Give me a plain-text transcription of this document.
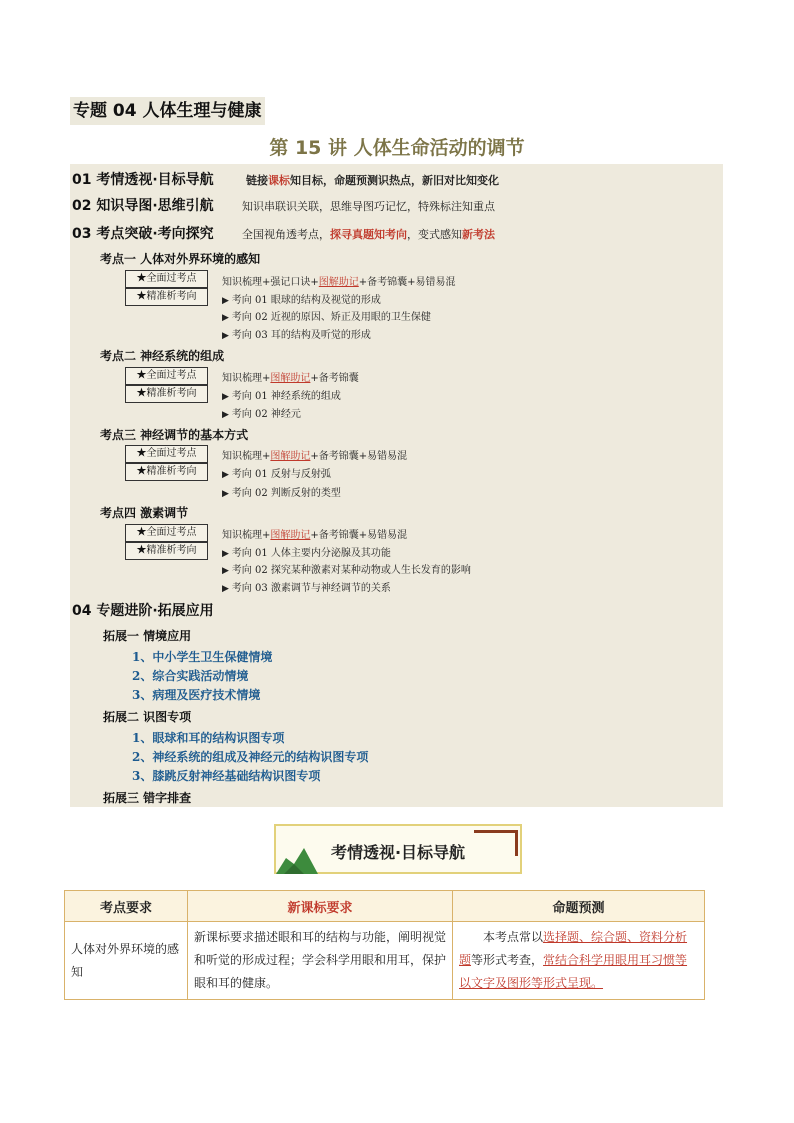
专题 04 人体生理与健康
第 15 讲 人体生命活动的调节
01 考情透视·目标导航	链接课标知目标，命题预测识热点，新旧对比知变化
02 知识导图·思维引航	知识串联识关联，思维导图巧记忆，特殊标注知重点
03 考点突破·考向探究	全国视角透考点，探寻真题知考向，变式感知新考法
考点一 人体对外界环境的感知
★全面过考点
★精准析考向
知识梳理+强记口诀+图解助记+备考锦囊+易错易混
▶ 考向 01 眼球的结构及视觉的形成
▶ 考向 02 近视的原因、矫正及用眼的卫生保健
▶ 考向 03 耳的结构及听觉的形成
考点二 神经系统的组成
★全面过考点
★精准析考向
知识梳理+图解助记+备考锦囊
▶ 考向 01 神经系统的组成
▶ 考向 02 神经元
考点三 神经调节的基本方式
★全面过考点
★精准析考向
知识梳理+图解助记+备考锦囊+易错易混
▶ 考向 01 反射与反射弧
▶ 考向 02 判断反射的类型
考点四 激素调节
★全面过考点
★精准析考向
知识梳理+图解助记+备考锦囊+易错易混
▶ 考向 01 人体主要内分泌腺及其功能
▶ 考向 02 探究某种激素对某种动物或人生长发育的影响
▶ 考向 03 激素调节与神经调节的关系
04 专题进阶·拓展应用
拓展一 情境应用
1、中小学生卫生保健情境
2、综合实践活动情境
3、病理及医疗技术情境
拓展二 识图专项
1、眼球和耳的结构识图专项
2、神经系统的组成及神经元的结构识图专项
3、膝跳反射神经基础结构识图专项
拓展三 错字排查
考情透视·目标导航
考点要求	新课标要求	命题预测
人体对外界环境的感知	新课标要求描述眼和耳的结构与功能，阐明视觉和听觉的形成过程；学会科学用眼和用耳，保护眼和耳的健康。	本考点常以选择题、综合题、资料分析题等形式考查，常结合科学用眼用耳习惯等以文字及图形等形式呈现。
